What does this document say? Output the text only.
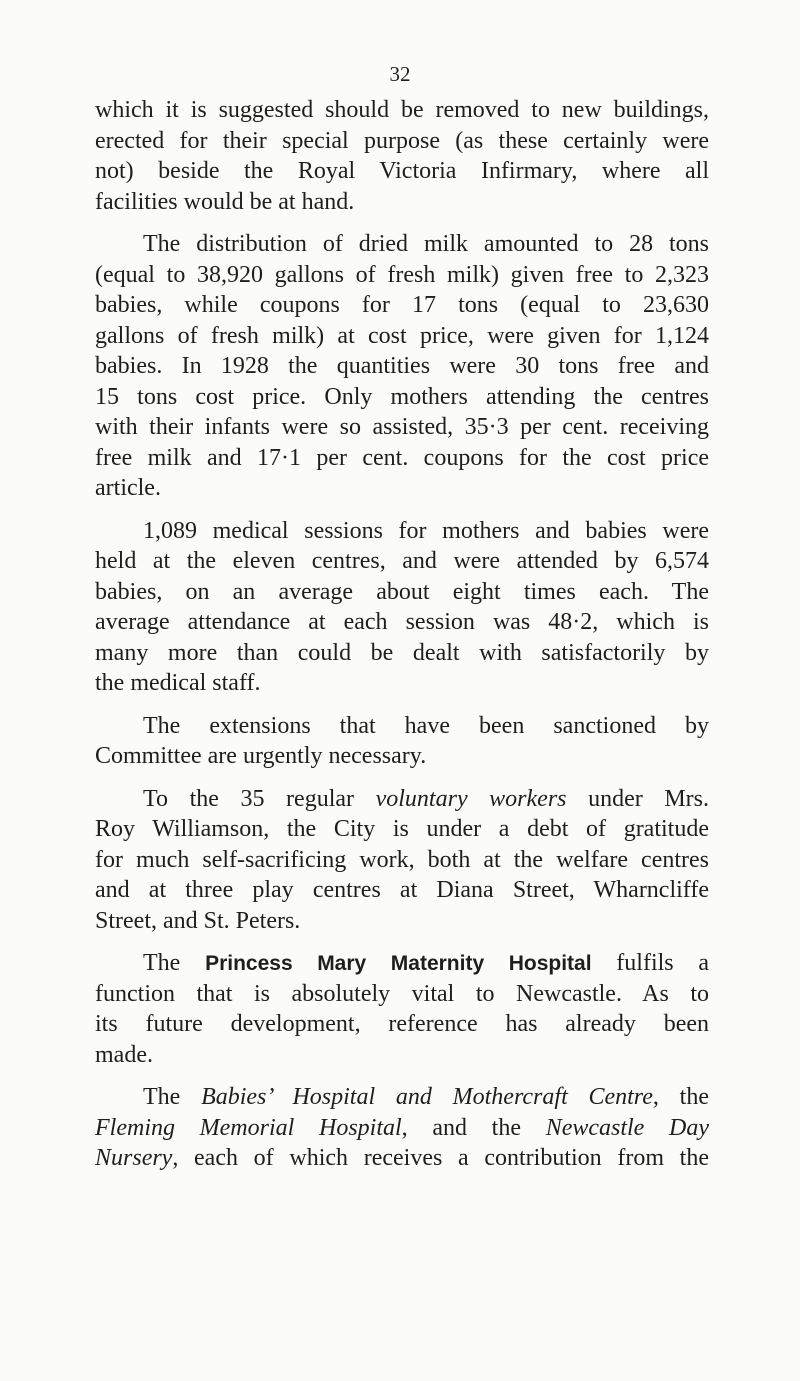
32
which it is suggested should be removed to new buildings,
erected for their special purpose (as these certainly were
not) beside the Royal Victoria Infirmary, where all
facilities would be at hand.
The distribution of dried milk amounted to 28 tons
(equal to 38,920 gallons of fresh milk) given free to 2,323
babies, while coupons for 17 tons (equal to 23,630
gallons of fresh milk) at cost price, were given for 1,124
babies. In 1928 the quantities were 30 tons free and
15 tons cost price. Only mothers attending the centres
with their infants were so assisted, 35·3 per cent. receiving
free milk and 17·1 per cent. coupons for the cost price
article.
1,089 medical sessions for mothers and babies were
held at the eleven centres, and were attended by 6,574
babies, on an average about eight times each. The
average attendance at each session was 48·2, which is
many more than could be dealt with satisfactorily by
the medical staff.
The extensions that have been sanctioned by
Committee are urgently necessary.
To the 35 regular voluntary workers under Mrs.
Roy Williamson, the City is under a debt of gratitude
for much self-sacrificing work, both at the welfare centres
and at three play centres at Diana Street, Wharncliffe
Street, and St. Peters.
The Princess Mary Maternity Hospital fulfils a
function that is absolutely vital to Newcastle. As to
its future development, reference has already been
made.
The Babies’ Hospital and Mothercraft Centre, the
Fleming Memorial Hospital, and the Newcastle Day
Nursery, each of which receives a contribution from the
